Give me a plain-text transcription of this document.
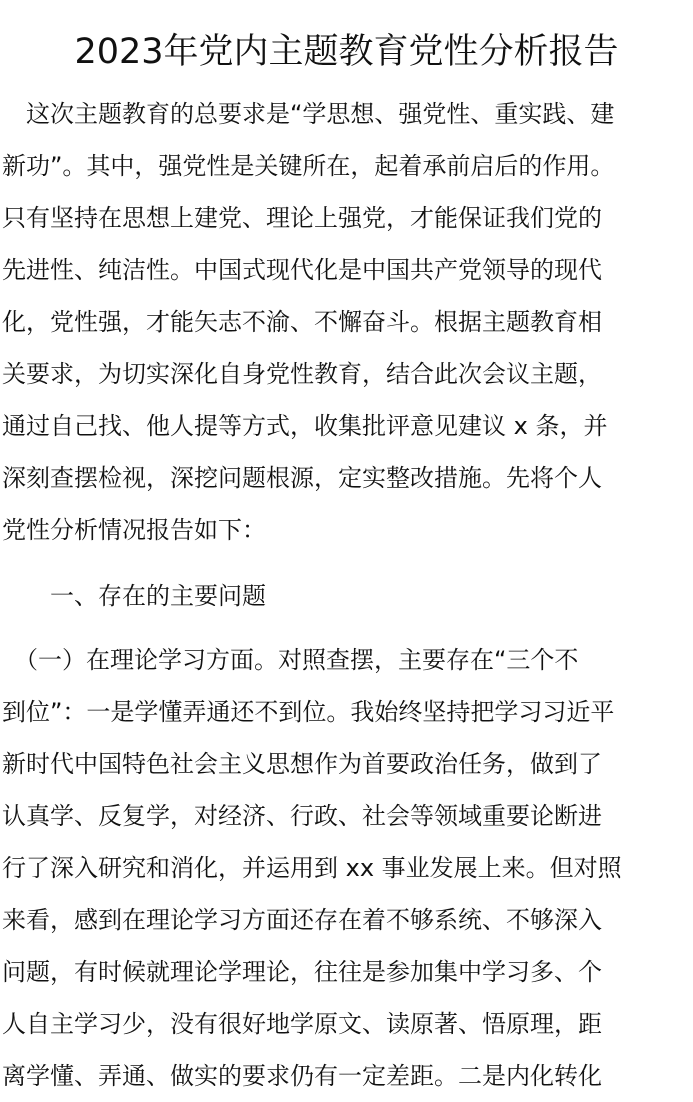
2023年党内主题教育党性分析报告
　这次主题教育的总要求是“学思想、强党性、重实践、建
新功”。其中，强党性是关键所在，起着承前启后的作用。
只有坚持在思想上建党、理论上强党，才能保证我们党的
先进性、纯洁性。中国式现代化是中国共产党领导的现代
化，党性强，才能矢志不渝、不懈奋斗。根据主题教育相
关要求，为切实深化自身党性教育，结合此次会议主题，
通过自己找、他人提等方式，收集批评意见建议 x 条，并
深刻查摆检视，深挖问题根源，定实整改措施。先将个人
党性分析情况报告如下：
　　一、存在的主要问题
　（一）在理论学习方面。对照查摆，主要存在“三个不
到位”：一是学懂弄通还不到位。我始终坚持把学习习近平
新时代中国特色社会主义思想作为首要政治任务，做到了
认真学、反复学，对经济、行政、社会等领域重要论断进
行了深入研究和消化，并运用到 xx 事业发展上来。但对照
来看，感到在理论学习方面还存在着不够系统、不够深入
问题，有时候就理论学理论，往往是参加集中学习多、个
人自主学习少，没有很好地学原文、读原著、悟原理，距
离学懂、弄通、做实的要求仍有一定差距。二是内化转化
